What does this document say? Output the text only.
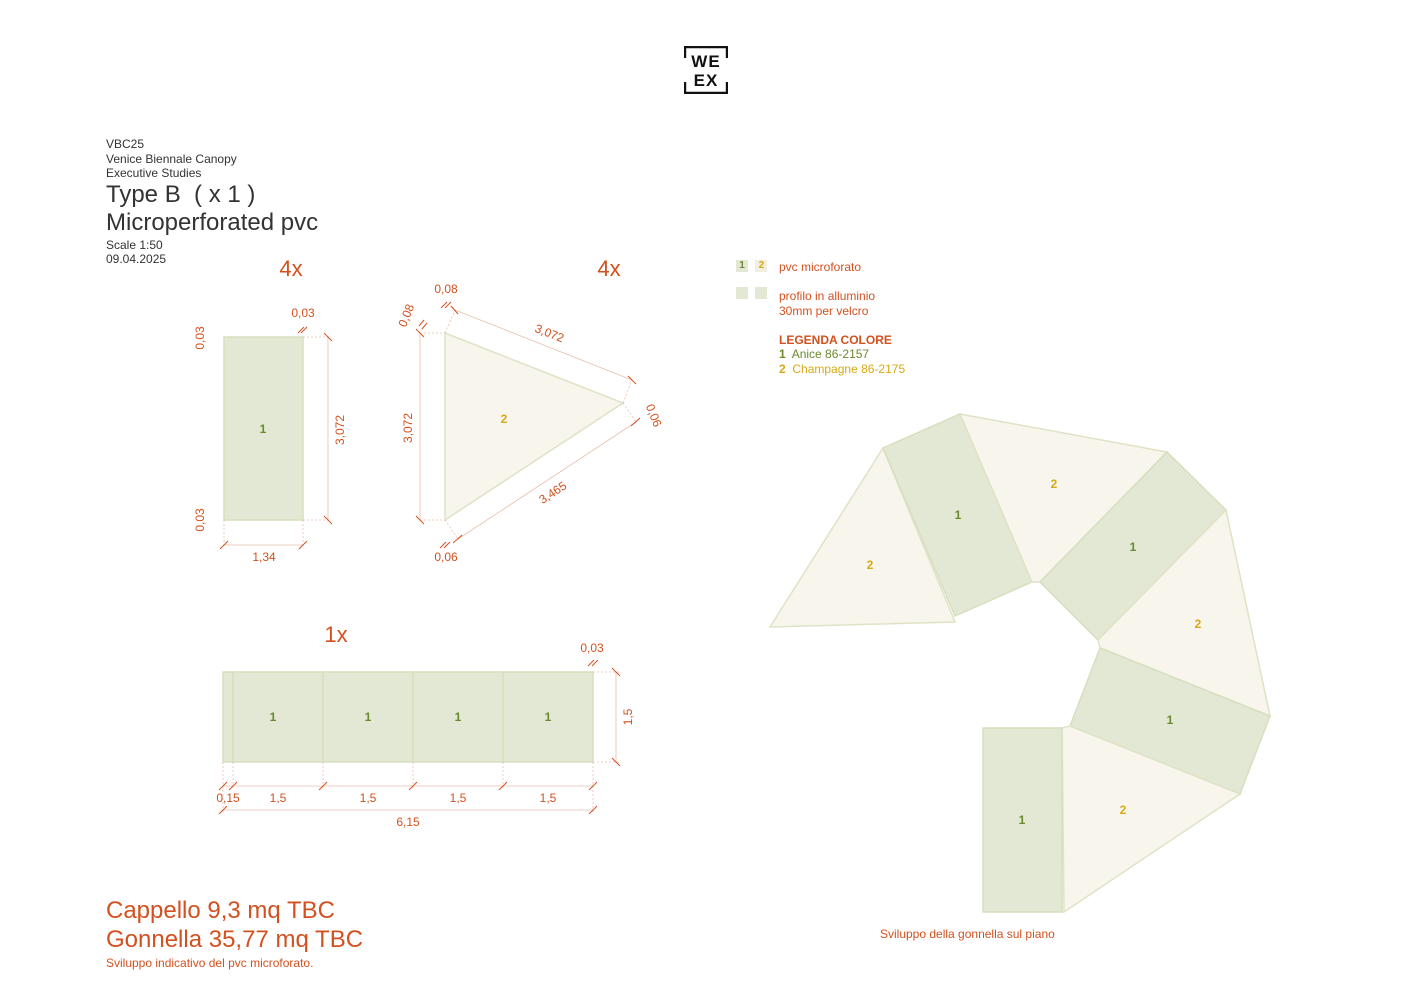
WE
EX
VBC25
Venice Biennale Canopy
Executive Studies
Type B  ( x 1 )
Microperforated pvc
Scale 1:50
09.04.2025	4x
1	3,072
1,34
0,03
0,03
0,03
4x
2
3,072
3,465
3,072
0,08
0,08
0,06
0,06
1x
1	1	1	1	1,5
0,03
0,15 1,5	1,5	1,5	1,5
6,15
2
1
2
1
2
1
2
1
1 2 pvc microforato

profilo in alluminio
30mm per velcro
LEGENDA COLORE
1 Anice 86-2157
2 Champagne 86-2175
Cappello 9,3 mq TBC
Gonnella 35,77 mq TBC
Sviluppo indicativo del pvc microforato.
Sviluppo della gonnella sul piano
